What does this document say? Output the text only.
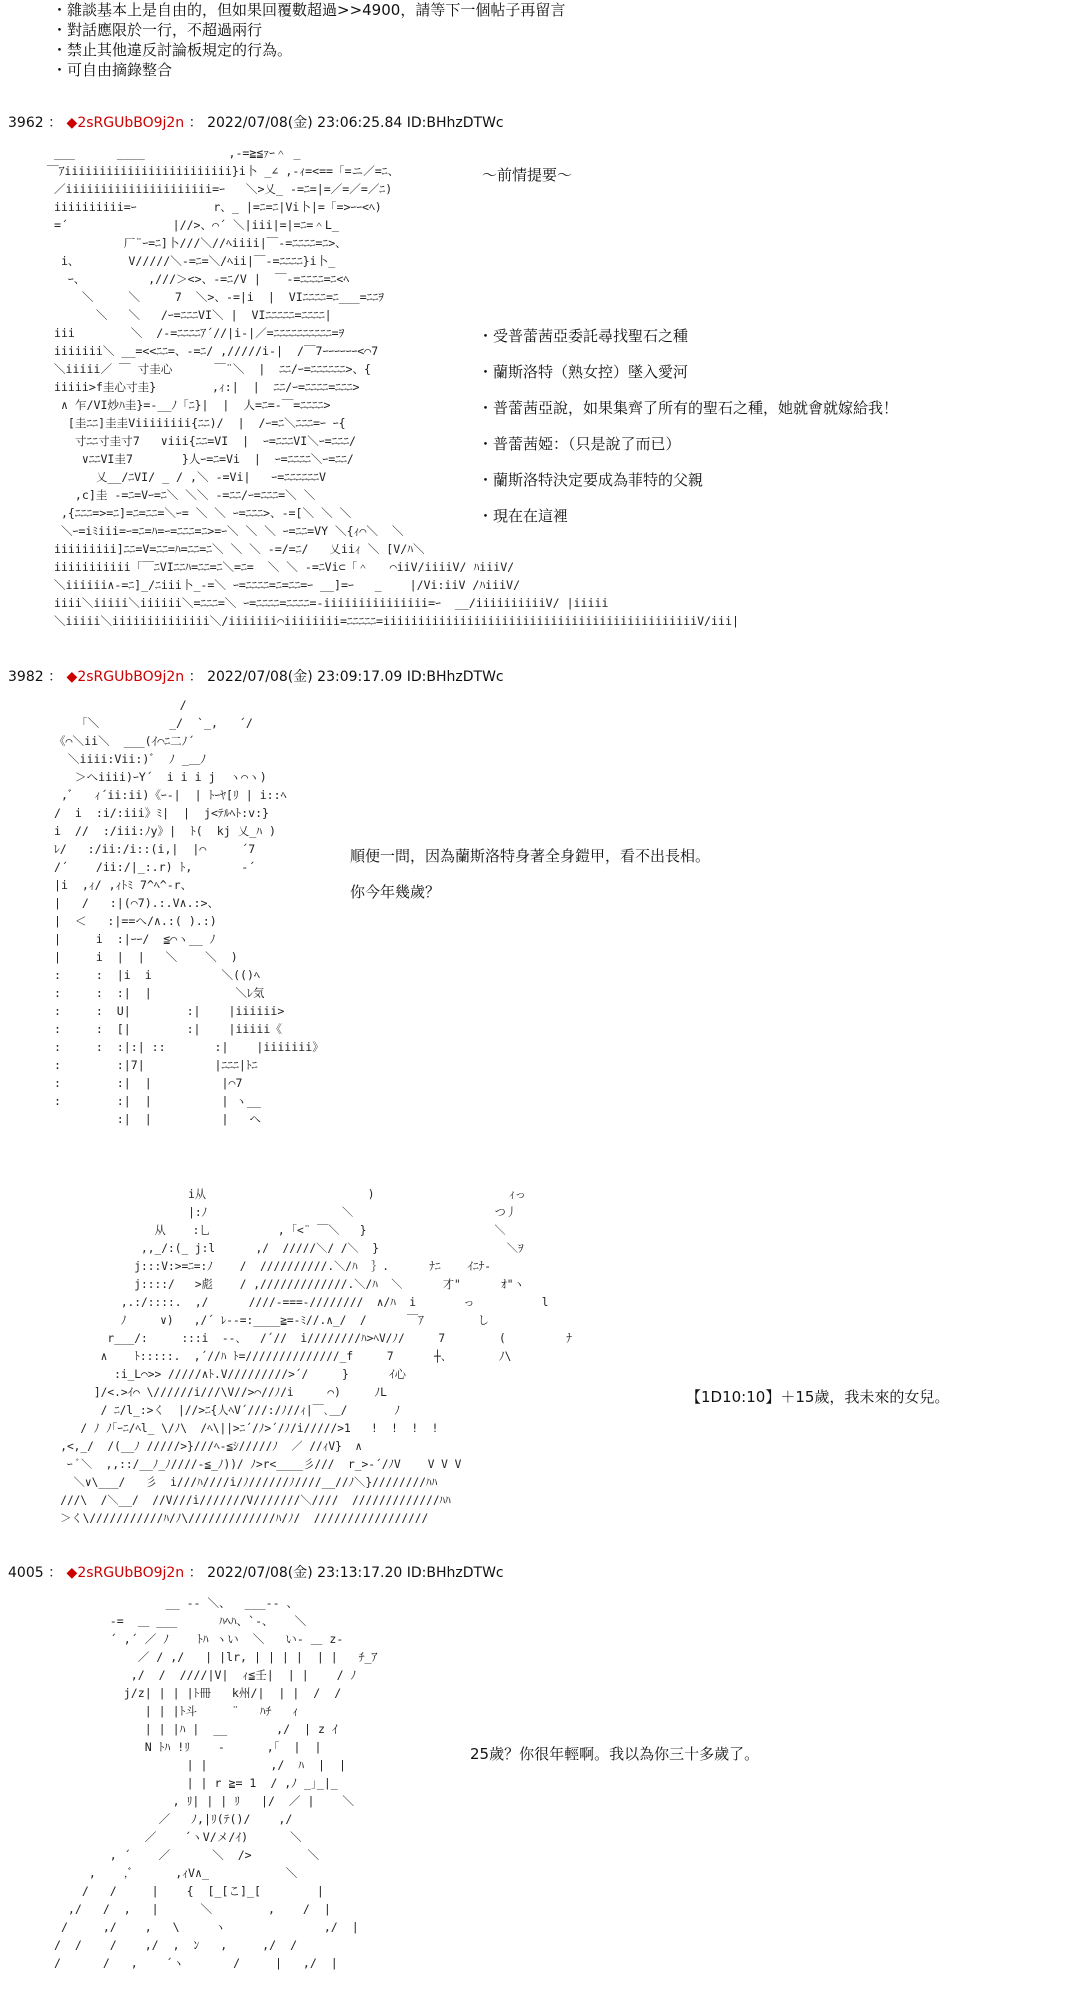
・雜談基本上是自由的，但如果回覆數超過>>4900，請等下一個帖子再留言
・對話應限於一行，不超過兩行
・禁止其他違反討論板規定的行為。
・可自由摘錄整合
3962 ： ◆2sRGUbBO9j2n ： 2022/07/08(金) 23:06:25.84 ID:BHhzDTWc
___      ____            ,-=≧≦ｧｰ＾ _
￣ｱiiiiiiiiiiiiiiiiiiiiiiii}i卜 _∠ ,-ｨ=<==「=ニ／=ﾆ、
／iiiiiiiiiiiiiiiiiiiii=ｰ   ＼>乂_ -=ﾆ=|=／=／=／ﾆ)
iiiiiiiiii=ｰ           r、_ |=ﾆ=ﾆ|Vi卜|=「=>ｰｰ<ﾍ)
=´               |//>、⌒´ ＼|iii|=|=ﾆ=＾L_
厂¨ｰ=ﾆ]卜///＼//ﾍiiii|￣-=ﾆﾆﾆﾆ=ﾆ>、
i、       V/////＼-=ﾆ=＼/ﾍii|￣-=ﾆﾆﾆﾆ}i卜_
ｰ、         ,///＞<>、-=ﾆ/V |  ￣-=ﾆﾆﾆﾆ=ﾆ<ﾍ
＼     ＼     7  ＼>、-=|i  |  VIﾆﾆﾆﾆ=ﾆ___=ﾆﾆｦ
＼   ＼   /ｰ=ﾆﾆﾆVI＼ |  VIﾆﾆﾆﾆﾆ=ﾆﾆﾆﾆ|
iii        ＼  /-=ﾆﾆﾆﾆｱ´//|i-|／=ﾆﾆﾆﾆﾆﾆﾆﾆﾆﾆ=ｦ
iiiiiii＼ __=<<ﾆﾆ=、-=ﾆ/ ,/////i-|  /￣7ｰｰｰｰｰｰ<⌒7
＼iiiii／ ￣ 寸圭心      ￣¨＼  |  ﾆﾆ/ｰ=ﾆﾆﾆﾆﾆﾆ>、{
iiiii>f圭心寸圭}        ,ｨ:|  |  ﾆﾆ/ｰ=ﾆﾆﾆﾆ=ﾆﾆﾆ>
∧ 乍/VI炒ﾊ圭}=-__ﾉ「ﾆ}|  |  人=ﾆ=-￣=ﾆﾆﾆﾆ>
[圭ﾆﾆ]圭圭Viiiiiiii{ﾆﾆ)/  |  /ｰ=ﾆ＼ﾆﾆﾆ=ｰ ｰ{
寸ﾆﾆ寸圭寸7   ∨iii{ﾆﾆ=VI  |  ｰ=ﾆﾆﾆVI＼ｰ=ﾆﾆﾆ/
∨ﾆﾆVI圭7       }人ｰ=ﾆ=Vi  |  ｰ=ﾆﾆﾆﾆ＼ｰ=ﾆﾆ/
乂__/ﾆVI/ _ / ,＼ -=Vi|   ｰ=ﾆﾆﾆﾆﾆﾆV
,c]圭 -=ﾆ=Vｰ=ﾆ＼ ＼＼ -=ﾆﾆ/ｰ=ﾆﾆﾆ=＼ ＼
,{ﾆﾆﾆ=>=ﾆ]=ﾆ=ﾆﾆ=＼ｰ= ＼ ＼ ｰ=ﾆﾆﾆ>、-=[＼ ＼ ＼
＼ｰ=iﾐiii=ｰ=ﾆ=ﾊ=ｰ=ﾆﾆﾆ=ﾆ>=ｰ＼ ＼ ＼ ｰ=ﾆﾆ=VY ＼{ｨ⌒＼  ＼
iiiiiiiii]ﾆﾆ=V=ﾆﾆ=ﾊ=ﾆﾆ=ﾆ＼ ＼ ＼ -=/=ﾆ/   乂iiｨ ＼ [V/ﾊ＼
iiiiiiiiiii「￣ﾆVIﾆﾆﾊ=ﾆﾆ=ﾆ＼=ﾆ=  ＼ ＼ -=ﾆVi⊂「＾   ⌒iiV/iiiiV/ ﾊiiiV/
＼iiiiii∧-=ﾆ]_/ﾆiii卜_-=＼ ｰ=ﾆﾆﾆﾆ=ﾆ=ﾆﾆ=ｰ __]=ｰ   _    |/Vi:iiV /ﾊiiiV/
iiii＼iiiii＼iiiiii＼=ﾆﾆﾆ=＼ ｰ=ﾆﾆﾆﾆ=ﾆﾆﾆﾆ=-iiiiiiiiiiiiiii=ｰ  __/iiiiiiiiiiV/ |iiiii
＼iiiii＼iiiiiiiiiiiiii＼/iiiiiii⌒iiiiiiii=ﾆﾆﾆﾆﾆ=iiiiiiiiiiiiiiiiiiiiiiiiiiiiiiiiiiiiiiiiiiiiiV/iii|
～前情提要～
・受普蕾茜亞委託尋找聖石之種
・蘭斯洛特（熟女控）墜入愛河
・普蕾茜亞說，如果集齊了所有的聖石之種，她就會就嫁給我！
・普蕾茜婭：（只是說了而已）
・蘭斯洛特決定要成為菲特的父親
・現在在這裡
3982 ： ◆2sRGUbBO9j2n ： 2022/07/08(金) 23:09:17.09 ID:BHhzDTWc
/
｢＼          _/  `_,   ´/
《⌒＼ii＼  ___(ｲ⌒ﾆ二ﾉ´
＼iiii:Vii:)ﾞ  ﾉ _＿ﾉ
＞へiiii)ｰY´  i i i j  ヽ⌒ヽ)
,ﾞ   ｨ´ii:ii)《ｰ-|  | ﾄｰﾔ[ﾘ | i::ﾍ
/  i  :i/:iii》ﾐ|  |  j<ﾃﾙﾍﾄ:v:}
i  //  :/iii:ﾉy》|  ﾄ(  kj 乂_ﾊ )
ﾚ/   :/ii:/i::(i,|  |⌒     ´7
/´    /ii:/|_:.r) ﾄ,       -´
|i  ,ｨ/ ,ｨﾄﾐ 7^ﾍ^‐r、
|   /   :|(⌒7).:.V∧.:>、
|  ＜   :|==へ/∧.:( ).:)
|     i  :|ｰｰ/  ≦⌒ヽ__ ﾉ
|     i  |  |   ＼    ＼  )
:     :  |i  i          ＼(()ﾍ
:     :  :|  |            ＼ﾚ気
:     :  U|        :|    |iiiiii>
:     :  [|        :|    |iiiii《
:     :  :|:| ::       :|    |iiiiiii》
:        :|7|          |ﾆﾆﾆ|ﾄﾆ
:        :|  |          |⌒7
:        :|  |          | ヽ__
:|  |          |   へ
順便一問，因為蘭斯洛特身著全身鎧甲，看不出長相。
你今年幾歲？
i从                        )                    ｨっ
|:ﾉ                    ＼                     つ丿
从    :乚          , ｢<¨ ￣＼   }                   ＼
,,_/:(_ j:l      ,/  /////＼/ /＼  }                   ＼ｦ
j:::V:>=ﾆ=:ﾉ    /  //////////.＼/ﾊ  ｝.      ﾅﾆ    ｲﾆﾅ-
j::::/   >彪    / ,/////////////.＼/ﾊ  ＼      才"      ｵ"ヽ
,.:/::::.  ,/      ////-===-////////  ∧/ﾊ  i       っ          l
ﾉ     ∨)   ,/´ ﾚ‐-=:____≧=-ﾐ//.∧_/  /      ￣ｱ        し
r___/:     :::i  --、  /´//  i////////ﾊ>ﾍV/ﾉ/     7        (         ﾅ
∧    ﾄ:::::.  ,´//ﾊ ﾄ=//////////////_f     7      ┼、       ﾉ\
:i_L⌒>> /////∧ﾄ.V/////////>´/     }      ｲ心
]/<.>ｲ⌒ \//////i///\V//>⌒//ﾉ/i     ⌒)     ﾉL
/ ﾆ/l_:>く  |//>ﾆ{人ﾍV´///:/ﾉ//ｨ|￣､＿/       ﾉ
/ ﾉ ﾉ｢ｰﾆ/ﾍl_ \/ﾉ\  /ﾍ\||>ﾆ´/ﾉ>´/ﾉ/i/////>1   !  !  !  !
,<,_/  /(__ﾉ /////>}///ﾍ-≦ｼ/////ﾉ  ／ //ｨV}  ∧
ｰ ﾞ＼  ,,::/__ﾉ_ﾉ////-≦_ﾉ))/ ﾉ>r<____彡///  r_>-´/ﾉV    V V V
＼∨\___/   彡  i///ﾊ////i/ﾉ//////ﾉ////__//ﾉ＼}////////ﾊﾊ
///\  /＼__/  //V///i///////V///////＼////  /////////////ﾊﾊ
＞く\///////////ﾊ/ﾉ\/////////////ﾊ/ﾉ/  /////////////////
【1D10:10】＋15歲，我未來的女兒。
4005 ： ◆2sRGUbBO9j2n ： 2022/07/08(金) 23:13:17.20 ID:BHhzDTWc
__ -‐ ＼、  ___-- 、
-=  ＿ ___      ﾊﾍﾊ、`-、   ＼
´ ,´ ／ ﾉ    ﾄﾊ ヽい  ＼   い‐ ＿ z-
／ / ,/   | |lr, | | | |  | |   ﾁ_ｱ
,/  /  ////|V|  ｨ≦壬|  | |    / ﾉ
j/z| | | |ﾄ冊   k州/|  | |  /  /
| | |ﾄ斗     ¨   ﾊﾁ   ｨ
| | |ﾊ |  __       ,/  | z ｲ
N ﾄﾊ !ﾘ    ‐      ,｢  |  |
| |         ,/  ﾊ  |  |
| | r ≧= 1  / ,ﾉ _｣_|_
, ﾘ| | | ﾘ   |/  ／ |    ＼
／   ﾉ,|ﾘ(ﾃ()/    ,/
／    ´ヽV/メ/ｲ)      ＼
, ´    ／      ＼  />        ＼
,    ,ﾞ      ,ｨV∧_           ＼
/   /     |    {  [_[こ]_[        |
,/   /  ,   |      ＼        ,    /  |
/     ,/    ,   \     ヽ              ,/  |
/  /    /    ,/  ,  ﾝ   ,     ,/  /
/      /   ,    ´ヽ       /     |   ,/  |
25歲？你很年輕啊。我以為你三十多歲了。
